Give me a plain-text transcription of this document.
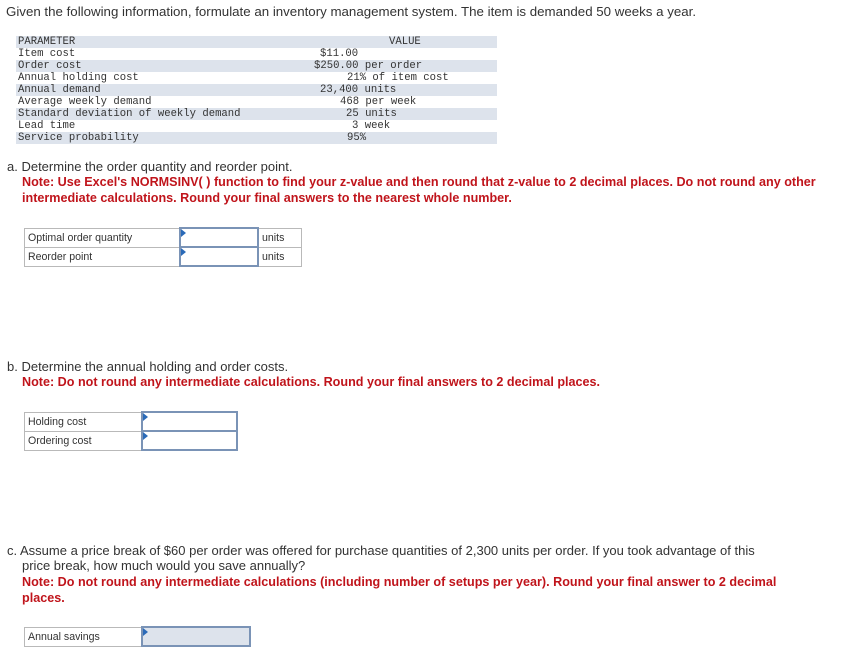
Given the following information, formulate an inventory management system. The item is demanded 50 weeks a year.
PARAMETER	VALUE
Item cost	$11.00
Order cost	$250.00 per order
Annual holding cost	21% of item cost
Annual demand	23,400 units
Average weekly demand	468 per week
Standard deviation of weekly demand	25 units
Lead time	3 week
Service probability	95%
a. Determine the order quantity and reorder point.
Note: Use Excel's NORMSINV( ) function to find your z-value and then round that z-value to 2 decimal places. Do not round any other intermediate calculations. Round your final answers to the nearest whole number.
Optimal order quantity		units
Reorder point		units
b. Determine the annual holding and order costs.
Note: Do not round any intermediate calculations. Round your final answers to 2 decimal places.
Holding cost	

Ordering cost	
c. Assume a price break of $60 per order was offered for purchase quantities of 2,300 units per order. If you took advantage of this
price break, how much would you save annually?
Note: Do not round any intermediate calculations (including number of setups per year). Round your final answer to 2 decimal places.
Annual savings	
